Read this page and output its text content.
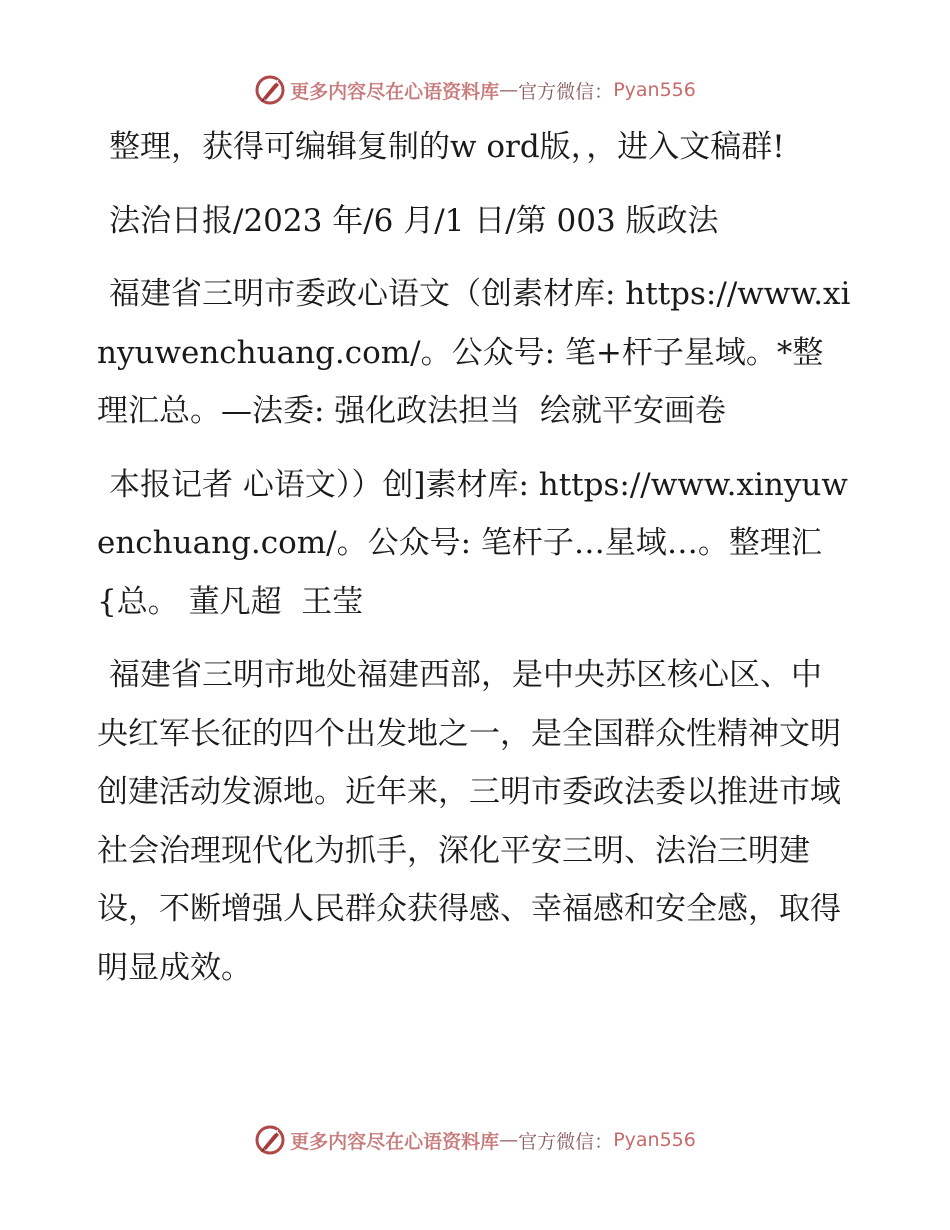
更多内容尽在心语资料库 — 官方微信： Pyan556

整理，获得可编辑复制的w ord版，，进入文稿群!

法治日报/2023 年/6 月/1 日/第 003 版政法

福建省三明市委政心语文（创素材库: https://www.xinyuwenchuang.com/。公众号: 笔+杆子星域。*整理汇总。—法委: 强化政法担当  绘就平安画卷

本报记者 心语文））创]素材库: https://www.xinyuwenchuang.com/。公众号: 笔杆子…星域…。整理汇{总。 董凡超  王莹

福建省三明市地处福建西部，是中央苏区核心区、中央红军长征的四个出发地之一，是全国群众性精神文明创建活动发源地。近年来，三明市委政法委以推进市域社会治理现代化为抓手，深化平安三明、法治三明建设，不断增强人民群众获得感、幸福感和安全感，取得明显成效。

更多内容尽在心语资料库 — 官方微信： Pyan556
